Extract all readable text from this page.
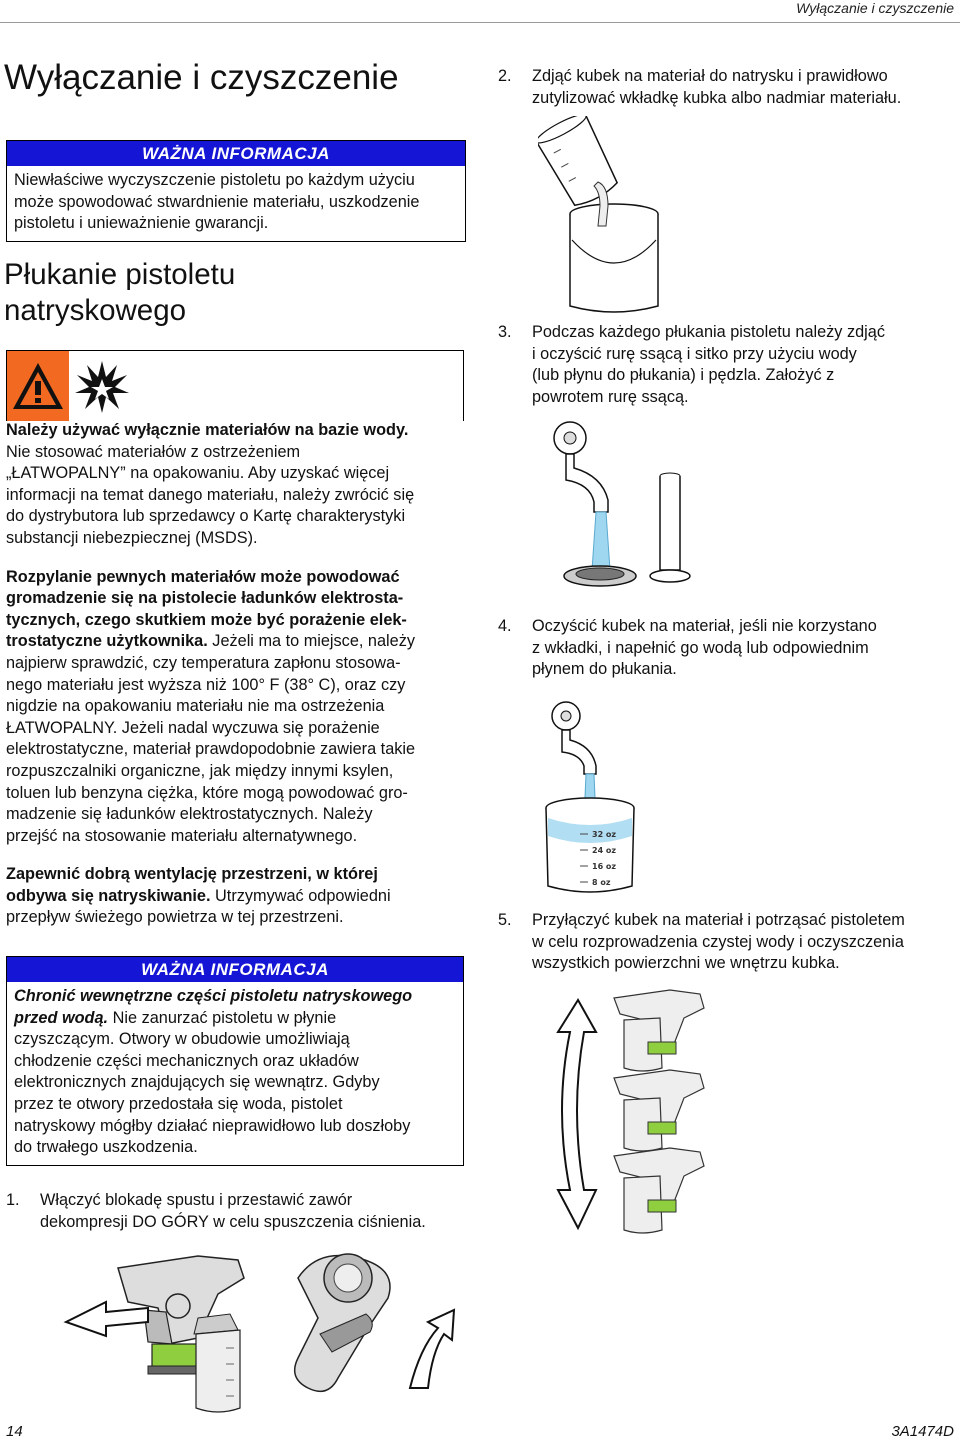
Wyłączanie i czyszczenie
Wyłączanie i czyszczenie
WAŻNA INFORMACJA
Niewłaściwe wyczyszczenie pistoletu po każdym użyciu
może spowodować stwardnienie materiału, uszkodzenie
pistoletu i unieważnienie gwarancji.
Płukanie pistoletu
natryskowego
Należy używać wyłącznie materiałów na bazie wody.
Nie stosować materiałów z ostrzeżeniem
„ŁATWOPALNY” na opakowaniu. Aby uzyskać więcej
informacji na temat danego materiału, należy zwrócić się
do dystrybutora lub sprzedawcy o Kartę charakterystyki
substancji niebezpiecznej (MSDS).
Rozpylanie pewnych materiałów może powodować
gromadzenie się na pistolecie ładunków elektrosta-
tycznych, czego skutkiem może być porażenie elek-
trostatyczne użytkownika. Jeżeli ma to miejsce, należy
najpierw sprawdzić, czy temperatura zapłonu stosowa-
nego materiału jest wyższa niż 100° F (38° C), oraz czy
nigdzie na opakowaniu materiału nie ma ostrzeżenia
ŁATWOPALNY. Jeżeli nadal wyczuwa się porażenie
elektrostatyczne, materiał prawdopodobnie zawiera takie
rozpuszczalniki organiczne, jak między innymi ksylen,
toluen lub benzyna ciężka, które mogą powodować gro-
madzenie się ładunków elektrostatycznych. Należy
przejść na stosowanie materiału alternatywnego.
Zapewnić dobrą wentylację przestrzeni, w której
odbywa się natryskiwanie. Utrzymywać odpowiedni
przepływ świeżego powietrza w tej przestrzeni.
WAŻNA INFORMACJA
Chronić wewnętrzne części pistoletu natryskowego
przed wodą. Nie zanurzać pistoletu w płynie
czyszczącym. Otwory w obudowie umożliwiają
chłodzenie części mechanicznych oraz układów
elektronicznych znajdujących się wewnątrz. Gdyby
przez te otwory przedostała się woda, pistolet
natryskowy mógłby działać nieprawidłowo lub doszłoby
do trwałego uszkodzenia.
1. Włączyć blokadę spustu i przestawić zawór
dekompresji DO GÓRY w celu spuszczenia ciśnienia.
2. Zdjąć kubek na materiał do natrysku i prawidłowo
zutylizować wkładkę kubka albo nadmiar materiału.
3. Podczas każdego płukania pistoletu należy zdjąć
i oczyścić rurę ssącą i sitko przy użyciu wody
(lub płynu do płukania) i pędzla. Założyć z
powrotem rurę ssącą.
4. Oczyścić kubek na materiał, jeśli nie korzystano
z wkładki, i napełnić go wodą lub odpowiednim
płynem do płukania.
32 oz
24 oz
16 oz
8 oz
5. Przyłączyć kubek na materiał i potrząsać pistoletem
w celu rozprowadzenia czystej wody i oczyszczenia
wszystkich powierzchni we wnętrzu kubka.
14	3A1474D
